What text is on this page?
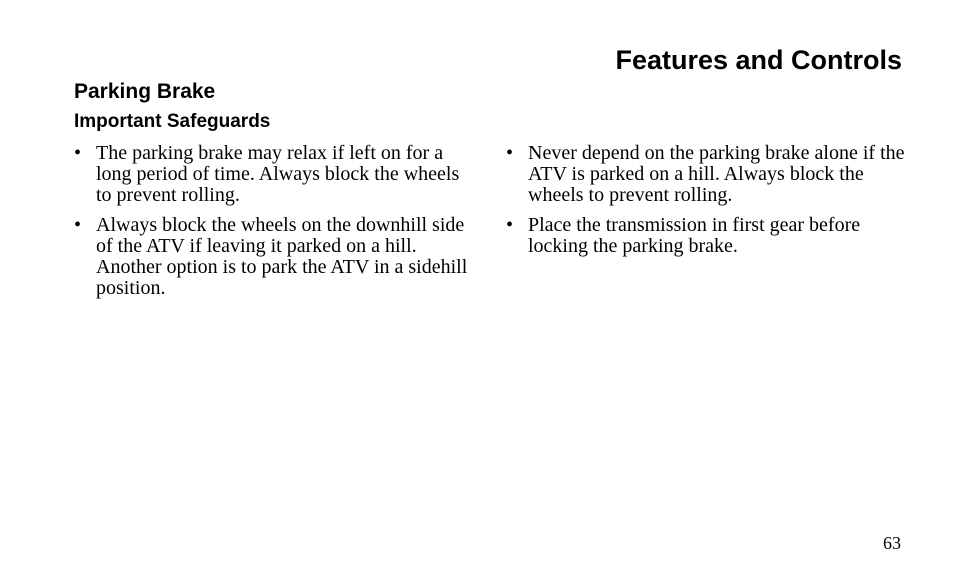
Features and Controls
Parking Brake
Important Safeguards
• The parking brake may relax if left on for a long period of time. Always block the wheels to prevent rolling.
• Always block the wheels on the downhill side of the ATV if leaving it parked on a hill. Another option is to park the ATV in a sidehill position.
• Never depend on the parking brake alone if the ATV is parked on a hill. Always block the wheels to prevent rolling.
• Place the transmission in first gear before locking the parking brake.
63
